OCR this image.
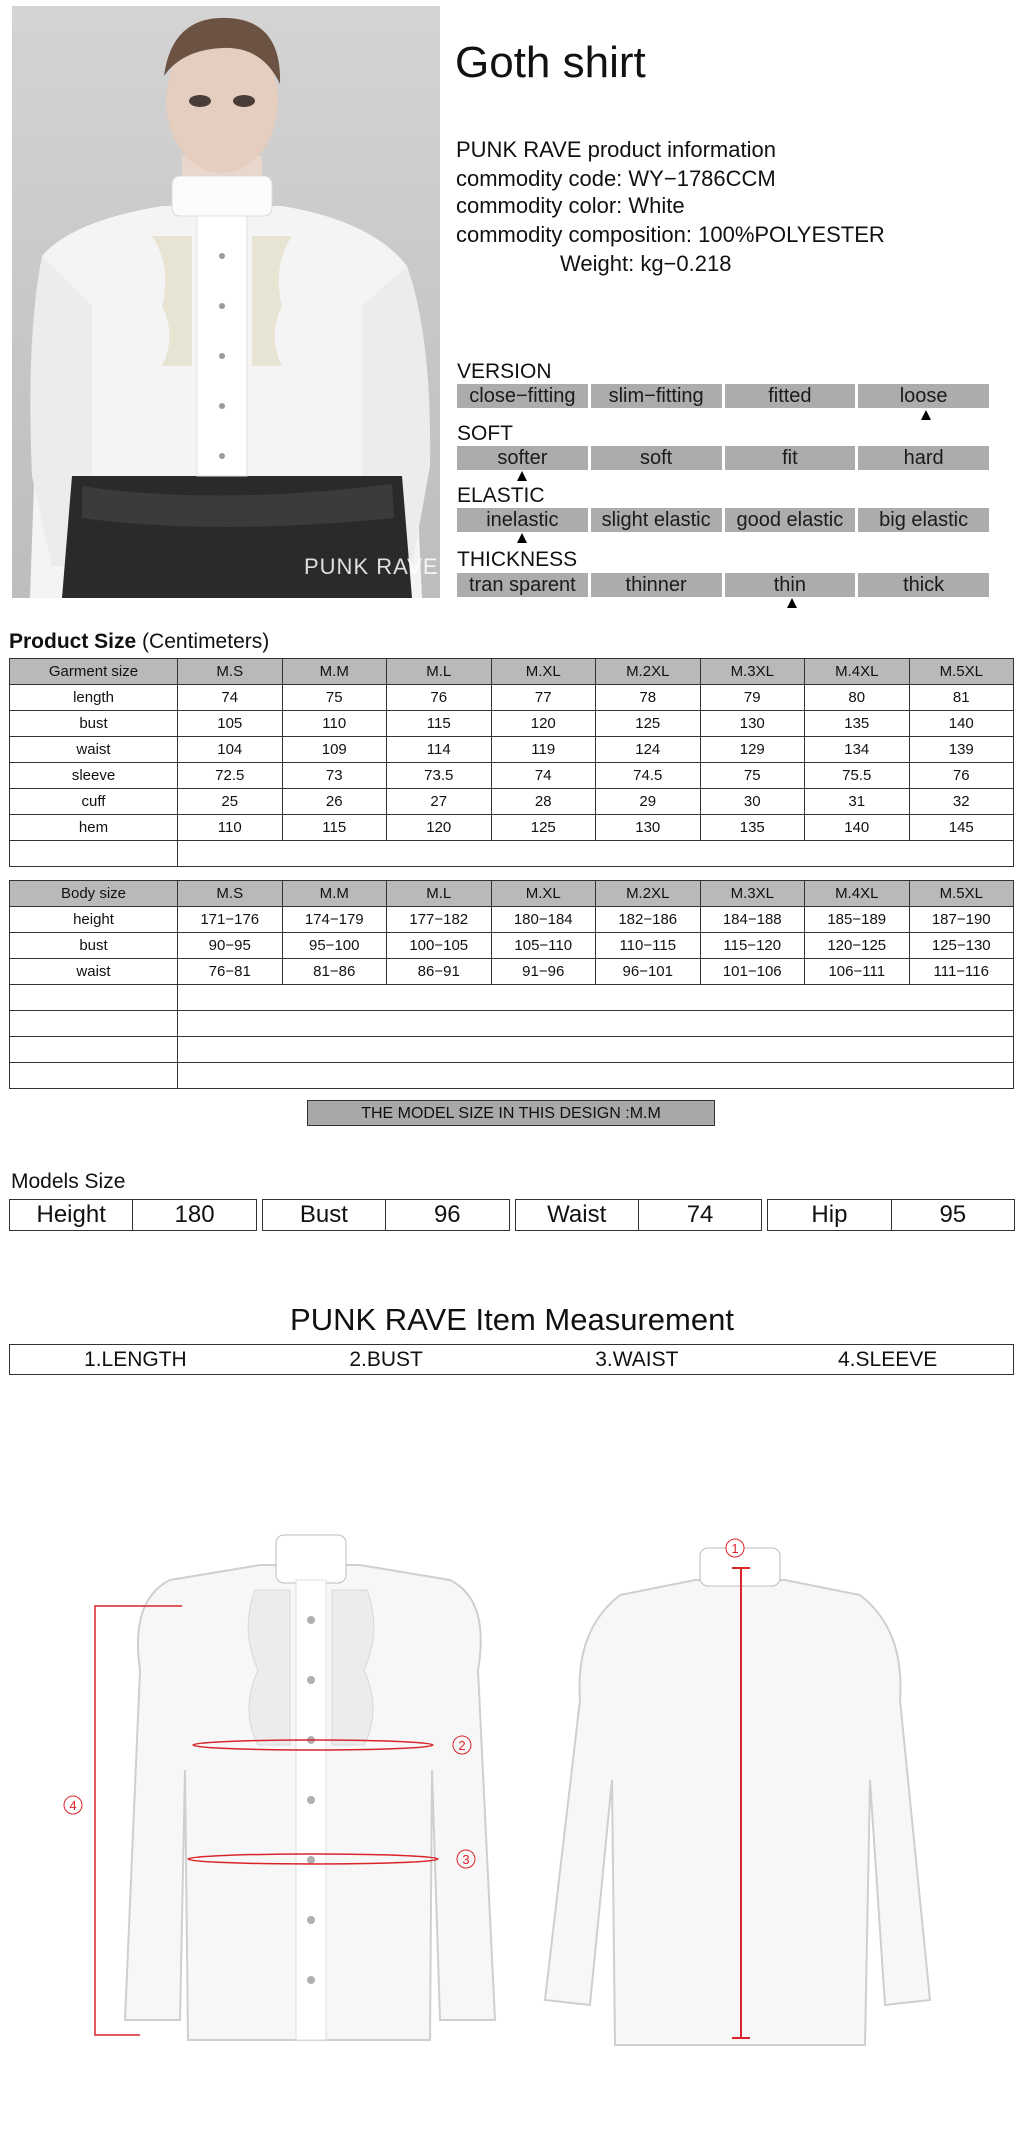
PUNK RAVE
Goth shirt
PUNK RAVE product information
commodity code: WY−1786CCM
commodity color: White
commodity composition: 100%POLYESTER
Weight: kg−0.218
VERSION
close−fitting	slim−fitting	fitted	loose
SOFT
softer	soft	fit	hard
ELASTIC
inelastic	slight elastic	good elastic	big elastic
THICKNESS
tran sparent	thinner	thin	thick
Product Size (Centimeters)
Garment size	M.S	M.M	M.L	M.XL	M.2XL	M.3XL	M.4XL	M.5XL
length	74	75	76	77	78	79	80	81
bust	105	110	115	120	125	130	135	140
waist	104	109	114	119	124	129	134	139
sleeve	72.5	73	73.5	74	74.5	75	75.5	76
cuff	25	26	27	28	29	30	31	32
hem	110	115	120	125	130	135	140	145

Body size	M.S	M.M	M.L	M.XL	M.2XL	M.3XL	M.4XL	M.5XL
height	171−176	174−179	177−182	180−184	182−186	184−188	185−189	187−190
bust	90−95	95−100	100−105	105−110	110−115	115−120	120−125	125−130
waist	76−81	81−86	86−91	91−96	96−101	101−106	106−111	111−116

THE MODEL SIZE IN THIS DESIGN :M.M
Models Size
Height	180	Bust	96	Waist	74	Hip	95
PUNK RAVE Item Measurement
1.LENGTH	2.BUST	3.WAIST	4.SLEEVE
2
3
4
1
